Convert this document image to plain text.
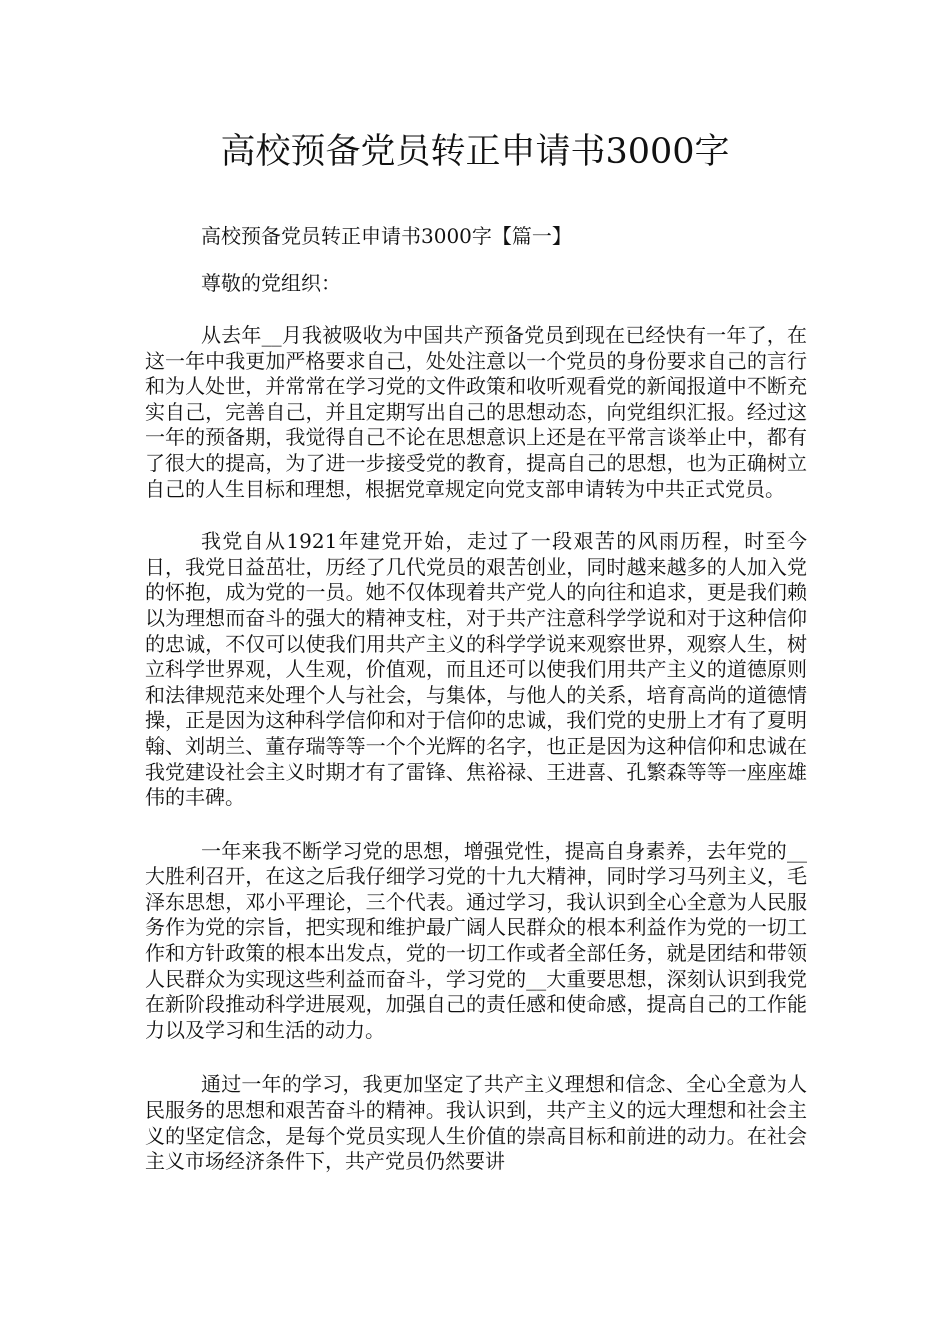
高校预备党员转正申请书3000字

高校预备党员转正申请书3000字【篇一】

尊敬的党组织：

从去年__月我被吸收为中国共产预备党员到现在已经快有一年了，在这一年中我更加严格要求自己，处处注意以一个党员的身份要求自己的言行和为人处世，并常常在学习党的文件政策和收听观看党的新闻报道中不断充实自己，完善自己，并且定期写出自己的思想动态，向党组织汇报。经过这一年的预备期，我觉得自己不论在思想意识上还是在平常言谈举止中，都有了很大的提高，为了进一步接受党的教育，提高自己的思想，也为正确树立自己的人生目标和理想，根据党章规定向党支部申请转为中共正式党员。

我党自从1921年建党开始，走过了一段艰苦的风雨历程，时至今日，我党日益茁壮，历经了几代党员的艰苦创业，同时越来越多的人加入党的怀抱，成为党的一员。她不仅体现着共产党人的向往和追求，更是我们赖以为理想而奋斗的强大的精神支柱，对于共产注意科学学说和对于这种信仰的忠诚，不仅可以使我们用共产主义的科学学说来观察世界，观察人生，树立科学世界观，人生观，价值观，而且还可以使我们用共产主义的道德原则和法律规范来处理个人与社会，与集体，与他人的关系，培育高尚的道德情操，正是因为这种科学信仰和对于信仰的忠诚，我们党的史册上才有了夏明翰、刘胡兰、董存瑞等等一个个光辉的名字，也正是因为这种信仰和忠诚在我党建设社会主义时期才有了雷锋、焦裕禄、王进喜、孔繁森等等一座座雄伟的丰碑。

一年来我不断学习党的思想，增强党性，提高自身素养，去年党的__大胜利召开，在这之后我仔细学习党的十九大精神，同时学习马列主义，毛泽东思想，邓小平理论，三个代表。通过学习，我认识到全心全意为人民服务作为党的宗旨，把实现和维护最广阔人民群众的根本利益作为党的一切工作和方针政策的根本出发点，党的一切工作或者全部任务，就是团结和带领人民群众为实现这些利益而奋斗，学习党的__大重要思想，深刻认识到我党在新阶段推动科学进展观，加强自己的责任感和使命感，提高自己的工作能力以及学习和生活的动力。

通过一年的学习，我更加坚定了共产主义理想和信念、全心全意为人民服务的思想和艰苦奋斗的精神。我认识到，共产主义的远大理想和社会主义的坚定信念，是每个党员实现人生价值的崇高目标和前进的动力。在社会主义市场经济条件下，共产党员仍然要讲
